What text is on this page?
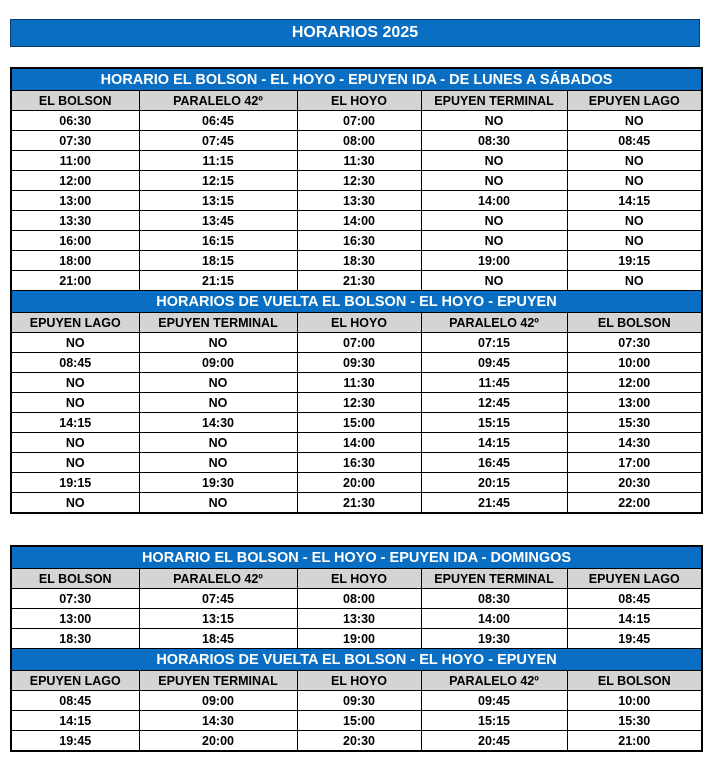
HORARIOS 2025
HORARIO EL BOLSON - EL HOYO - EPUYEN IDA - DE LUNES A SÁBADOS				
EL BOLSON	PARALELO 42º	EL HOYO	EPUYEN TERMINAL	EPUYEN LAGO
06:30	06:45	07:00	NO	NO
07:30	07:45	08:00	08:30	08:45
11:00	11:15	11:30	NO	NO
12:00	12:15	12:30	NO	NO
13:00	13:15	13:30	14:00	14:15
13:30	13:45	14:00	NO	NO
16:00	16:15	16:30	NO	NO
18:00	18:15	18:30	19:00	19:15
21:00	21:15	21:30	NO	NO
HORARIOS DE VUELTA EL BOLSON - EL HOYO - EPUYEN				
EPUYEN LAGO	EPUYEN TERMINAL	EL HOYO	PARALELO 42º	EL BOLSON
NO	NO	07:00	07:15	07:30
08:45	09:00	09:30	09:45	10:00
NO	NO	11:30	11:45	12:00
NO	NO	12:30	12:45	13:00
14:15	14:30	15:00	15:15	15:30
NO	NO	14:00	14:15	14:30
NO	NO	16:30	16:45	17:00
19:15	19:30	20:00	20:15	20:30
NO	NO	21:30	21:45	22:00
HORARIO EL BOLSON - EL HOYO - EPUYEN IDA - DOMINGOS				
EL BOLSON	PARALELO 42º	EL HOYO	EPUYEN TERMINAL	EPUYEN LAGO
07:30	07:45	08:00	08:30	08:45
13:00	13:15	13:30	14:00	14:15
18:30	18:45	19:00	19:30	19:45
HORARIOS DE VUELTA EL BOLSON - EL HOYO - EPUYEN				
EPUYEN LAGO	EPUYEN TERMINAL	EL HOYO	PARALELO 42º	EL BOLSON
08:45	09:00	09:30	09:45	10:00
14:15	14:30	15:00	15:15	15:30
19:45	20:00	20:30	20:45	21:00
